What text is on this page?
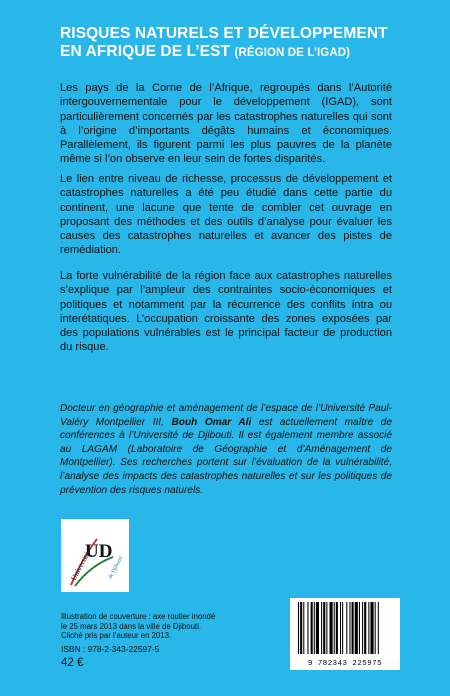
RISQUES NATURELS ET DÉVELOPPEMENT
EN AFRIQUE DE L’EST (RÉGION DE L’IGAD)
Les pays de la Corne de l’Afrique, regroupés dans l’Autorité intergouvernementale pour le développement (IGAD), sont particulièrement concernés par les catastrophes naturelles qui sont à l’origine d’importants dégâts humains et économiques. Parallèlement, ils figurent parmi les plus pauvres de la planète même si l’on observe en leur sein de fortes disparités.
Le lien entre niveau de richesse, processus de développement et catastrophes naturelles a été peu étudié dans cette partie du continent, une lacune que tente de combler cet ouvrage en proposant des méthodes et des outils d’analyse pour évaluer les causes des catastrophes naturelles et avancer des pistes de remédiation.
La forte vulnérabilité de la région face aux catastrophes naturelles s’explique par l’ampleur des contraintes socio-économiques et politiques et notamment par la récurrence des conflits intra ou interétatiques. L’occupation croissante des zones exposées par des populations vulnérables est le principal facteur de production du risque.
Docteur en géographie et aménagement de l’espace de l’Université Paul-Valéry Montpellier III, Bouh Omar Ali est actuellement maître de conférences à l’Université de Djibouti. Il est également membre associé au LAGAM (Laboratoire de Géographie et d’Aménagement de Montpellier). Ses recherches portent sur l’évaluation de la vulnérabilité, l’analyse des impacts des catastrophes naturelles et sur les politiques de prévention des risques naturels.
Université	de Djibouti
UD
Illustration de couverture : axe routier inondé
le 25 mars 2013 dans la ville de Djibouti.
Cliché pris par l’auteur en 2013.
ISBN : 978-2-343-22597-5
42 €	9 782343 225975
